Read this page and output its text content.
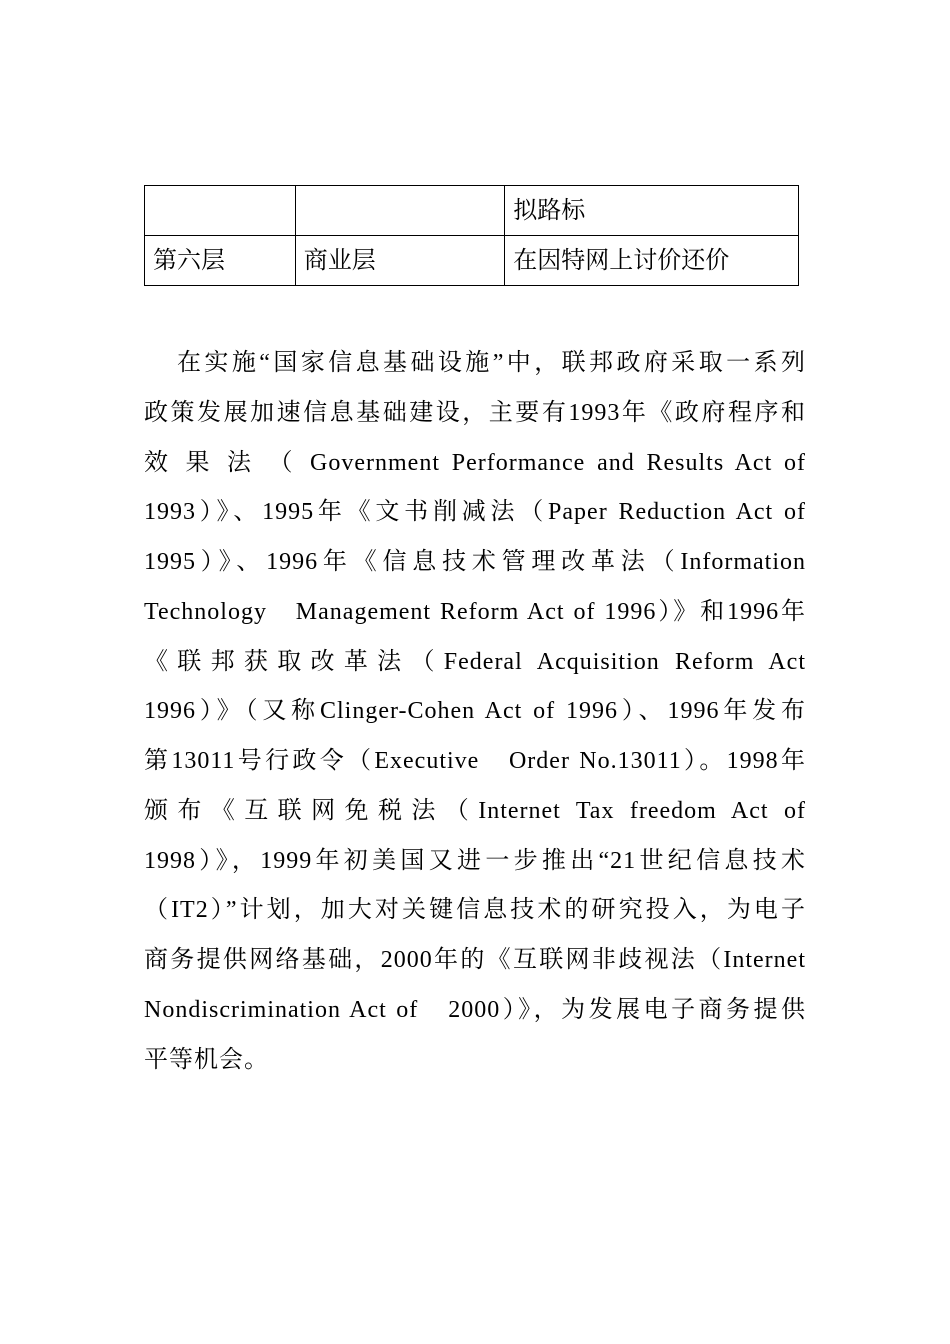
		拟路标
第六层	商业层	在因特网上讨价还价
在实施“国家信息基础设施”中，联邦政府采取一系列
政策发展加速信息基础建设，主要有1993年《政府程序和
效 果 法 （ Government Performance and Results Act of
1993）》、1995年《文书削减法（Paper Reduction Act of
1995）》、1996年《信息技术管理改革法（Information
Technology　Management Reform Act of 1996）》和1996年
《联邦获取改革法（Federal Acquisition Reform Act
1996）》（又称Clinger-Cohen Act of 1996）、1996年发布
第13011号行政令（Executive　Order No.13011）。1998年
颁布《互联网免税法（Internet Tax freedom Act of
1998）》，1999年初美国又进一步推出“21世纪信息技术
（IT2）”计划，加大对关键信息技术的研究投入，为电子
商务提供网络基础，2000年的《互联网非歧视法（Internet
Nondiscrimination Act of　2000）》，为发展电子商务提供
平等机会。
